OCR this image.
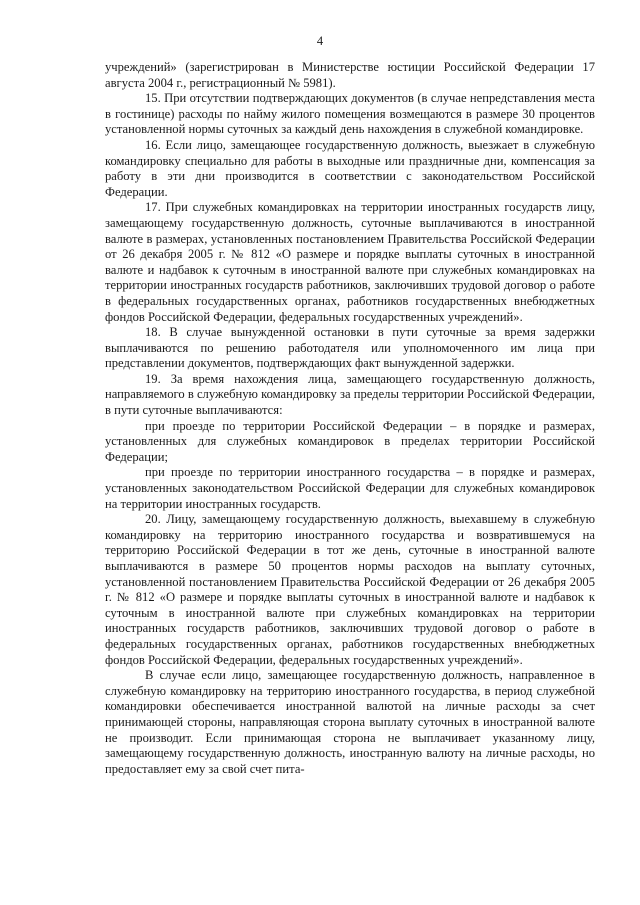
4

учреждений» (зарегистрирован в Министерстве юстиции Российской Федерации 17 августа 2004 г., регистрационный № 5981).

15. При отсутствии подтверждающих документов (в случае непредставления места в гостинице) расходы по найму жилого помещения возмещаются в размере 30 процентов установленной нормы суточных за каждый день нахождения в служебной командировке.

16. Если лицо, замещающее государственную должность, выезжает в служебную командировку специально для работы в выходные или праздничные дни, компенсация за работу в эти дни производится в соответствии с законодательством Российской Федерации.

17. При служебных командировках на территории иностранных государств лицу, замещающему государственную должность, суточные выплачиваются в иностранной валюте в размерах, установленных постановлением Правительства Российской Федерации от 26 декабря 2005 г. № 812 «О размере и порядке выплаты суточных в иностранной валюте и надбавок к суточным в иностранной валюте при служебных командировках на территории иностранных государств работников, заключивших трудовой договор о работе в федеральных государственных органах, работников государственных внебюджетных фондов Российской Федерации, федеральных государственных учреждений».

18. В случае вынужденной остановки в пути суточные за время задержки выплачиваются по решению работодателя или уполномоченного им лица при представлении документов, подтверждающих факт вынужденной задержки.

19. За время нахождения лица, замещающего государственную должность, направляемого в служебную командировку за пределы территории Российской Федерации, в пути суточные выплачиваются:

при проезде по территории Российской Федерации – в порядке и размерах, установленных для служебных командировок в пределах территории Российской Федерации;

при проезде по территории иностранного государства – в порядке и размерах, установленных законодательством Российской Федерации для служебных командировок на территории иностранных государств.

20. Лицу, замещающему государственную должность, выехавшему в служебную командировку на территорию иностранного государства и возвратившемуся на территорию Российской Федерации в тот же день, суточные в иностранной валюте выплачиваются в размере 50 процентов нормы расходов на выплату суточных, установленной постановлением Правительства Российской Федерации от 26 декабря 2005 г. № 812 «О размере и порядке выплаты суточных в иностранной валюте и надбавок к суточным в иностранной валюте при служебных командировках на территории иностранных государств работников, заключивших трудовой договор о работе в федеральных государственных органах, работников государственных внебюджетных фондов Российской Федерации, федеральных государственных учреждений».

В случае если лицо, замещающее государственную должность, направленное в служебную командировку на территорию иностранного государства, в период служебной командировки обеспечивается иностранной валютой на личные расходы за счет принимающей стороны, направляющая сторона выплату суточных в иностранной валюте не производит. Если принимающая сторона не выплачивает указанному лицу, замещающему государственную должность, иностранную валюту на личные расходы, но предоставляет ему за свой счет пита-
